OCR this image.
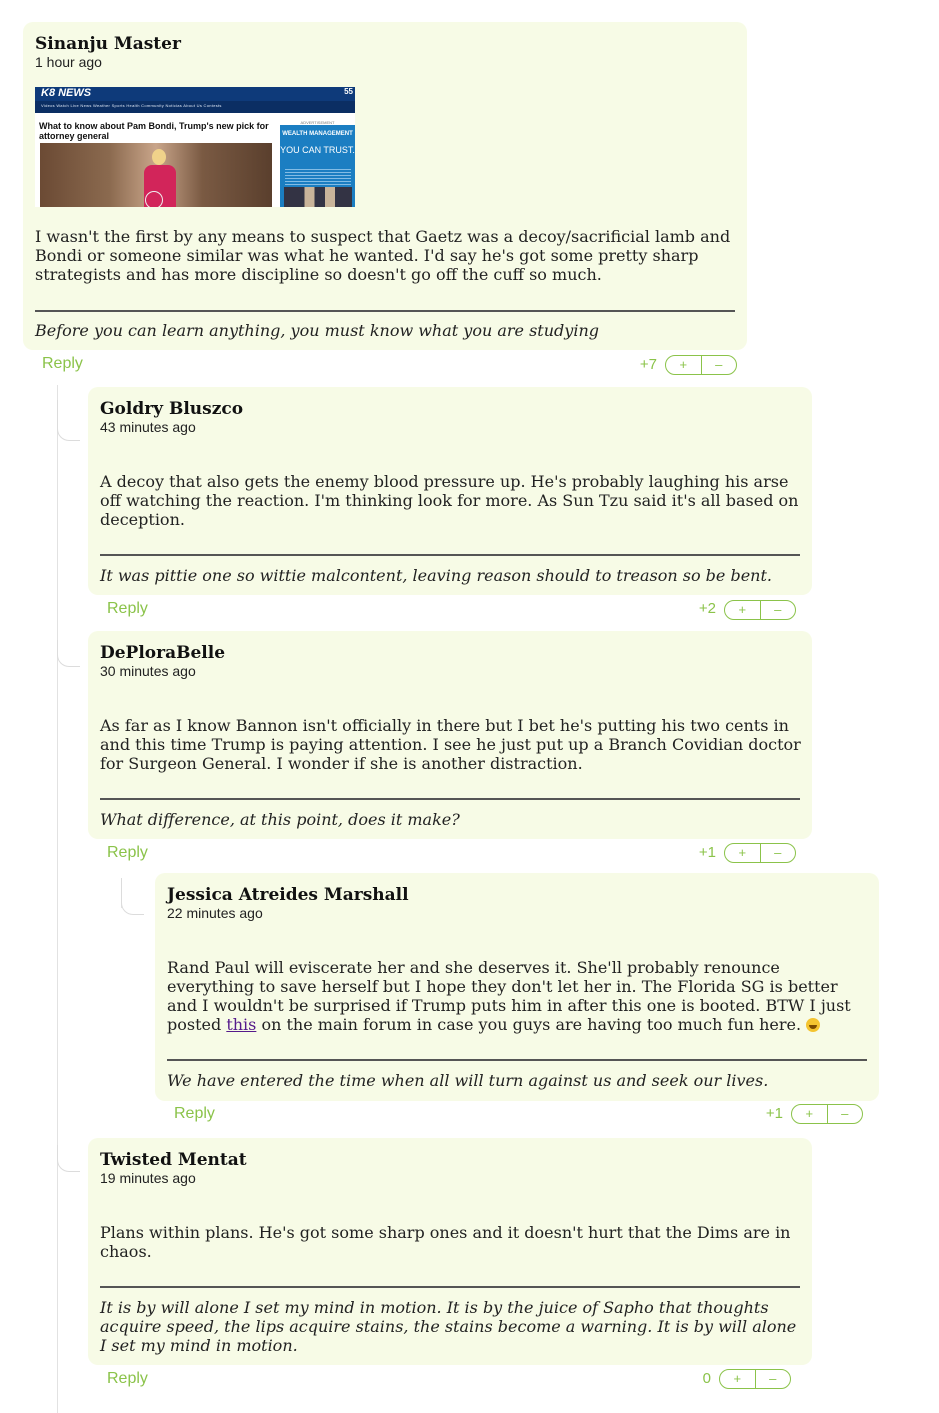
Sinanju Master
1 hour ago
K8 NEWS	55
Videos Watch Live News Weather Sports Health Community Noticias About Us Contests
What to know about Pam Bondi, Trump's new pick for attorney general
ADVERTISEMENT
WEALTH MANAGEMENT
YOU CAN TRUST.
I wasn't the first by any means to suspect that Gaetz was a decoy/sacrificial lamb and Bondi or someone similar was what he wanted. I'd say he's got some pretty sharp strategists and has more discipline so doesn't go off the cuff so much.
Before you can learn anything, you must know what you are studying
Reply	+7	+	–
Goldry Bluszco
43 minutes ago
A decoy that also gets the enemy blood pressure up. He's probably laughing his arse off watching the reaction. I'm thinking look for more. As Sun Tzu said it's all based on deception.
It was pittie one so wittie malcontent, leaving reason should to treason so be bent.
Reply	+2	+	–
DePloraBelle
30 minutes ago
As far as I know Bannon isn't officially in there but I bet he's putting his two cents in and this time Trump is paying attention. I see he just put up a Branch Covidian doctor for Surgeon General. I wonder if she is another distraction.
What difference, at this point, does it make?
Reply	+1	+	–
Jessica Atreides Marshall
22 minutes ago
Rand Paul will eviscerate her and she deserves it. She'll probably renounce everything to save herself but I hope they don't let her in. The Florida SG is better and I wouldn't be surprised if Trump puts him in after this one is booted. BTW I just posted this on the main forum in case you guys are having too much fun here.
We have entered the time when all will turn against us and seek our lives.
Reply	+1	+	–
Twisted Mentat
19 minutes ago
Plans within plans. He's got some sharp ones and it doesn't hurt that the Dims are in chaos.
It is by will alone I set my mind in motion. It is by the juice of Sapho that thoughts acquire speed, the lips acquire stains, the stains become a warning. It is by will alone I set my mind in motion.
Reply	0	+	–
